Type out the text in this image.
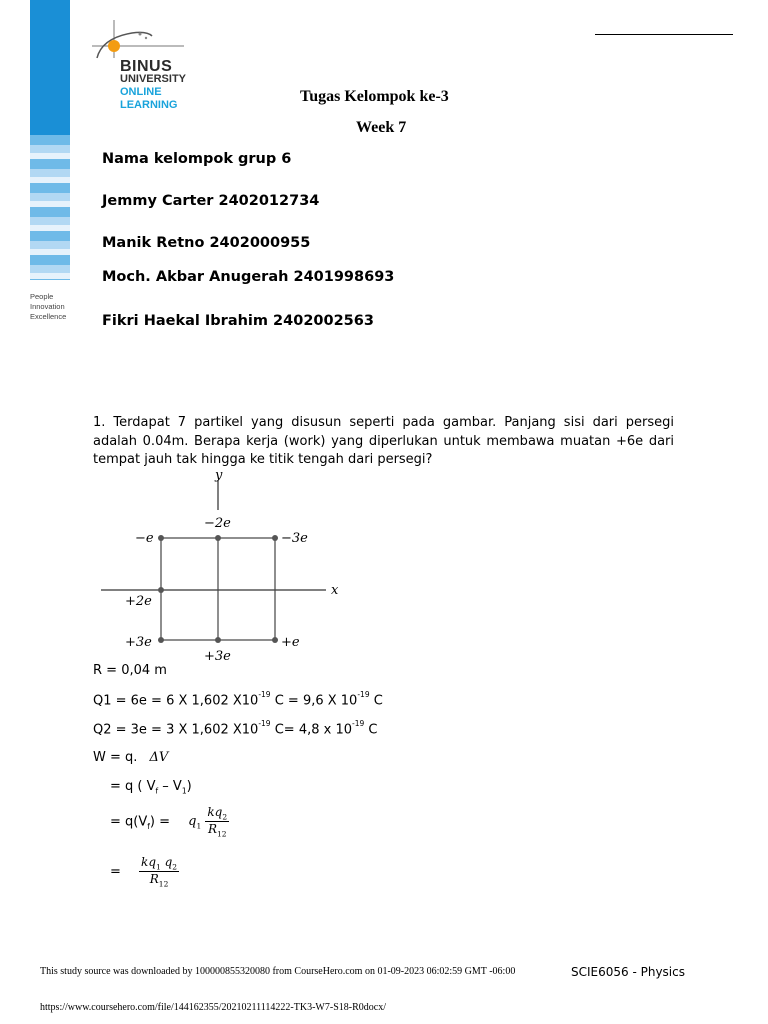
People
Innovation
Excellence
BINUS
UNIVERSITY
ONLINE
LEARNING	Tugas Kelompok ke-3
Week 7
Nama kelompok grup 6
Jemmy Carter 2402012734
Manik Retno 2402000955
Moch. Akbar Anugerah 2401998693
Fikri Haekal Ibrahim 2402002563
1. Terdapat 7 partikel yang disusun seperti pada gambar. Panjang sisi dari persegi adalah 0.04m. Berapa kerja (work) yang diperlukan untuk membawa muatan +6e dari tempat jauh tak hingga ke titik tengah dari persegi?
y
x
−e
−2e
−3e
+2e
+3e
+3e
+e
R = 0,04 m
Q1 = 6e = 6 X 1,602 $X10^{-19}$ C = 9,6 X $10^{-19}$ C
Q2 = 3e = 3 X 1,602 $X10^{-19}$ C= 4,8 x $10^{-19}$ C
W = q. ΔV
= q ( $V_f - V_1$)
= $q(V_f) = q_1 \frac{kq_2}{R_{12}}$
= $\frac{kq_1 q_2}{R_{12}}$
This study source was downloaded by 100000855320080 from CourseHero.com on 01-09-2023 06:02:59 GMT -06:00	SCIE6056 - Physics
https://www.coursehero.com/file/144162355/20210211114222-TK3-W7-S18-R0docx/
